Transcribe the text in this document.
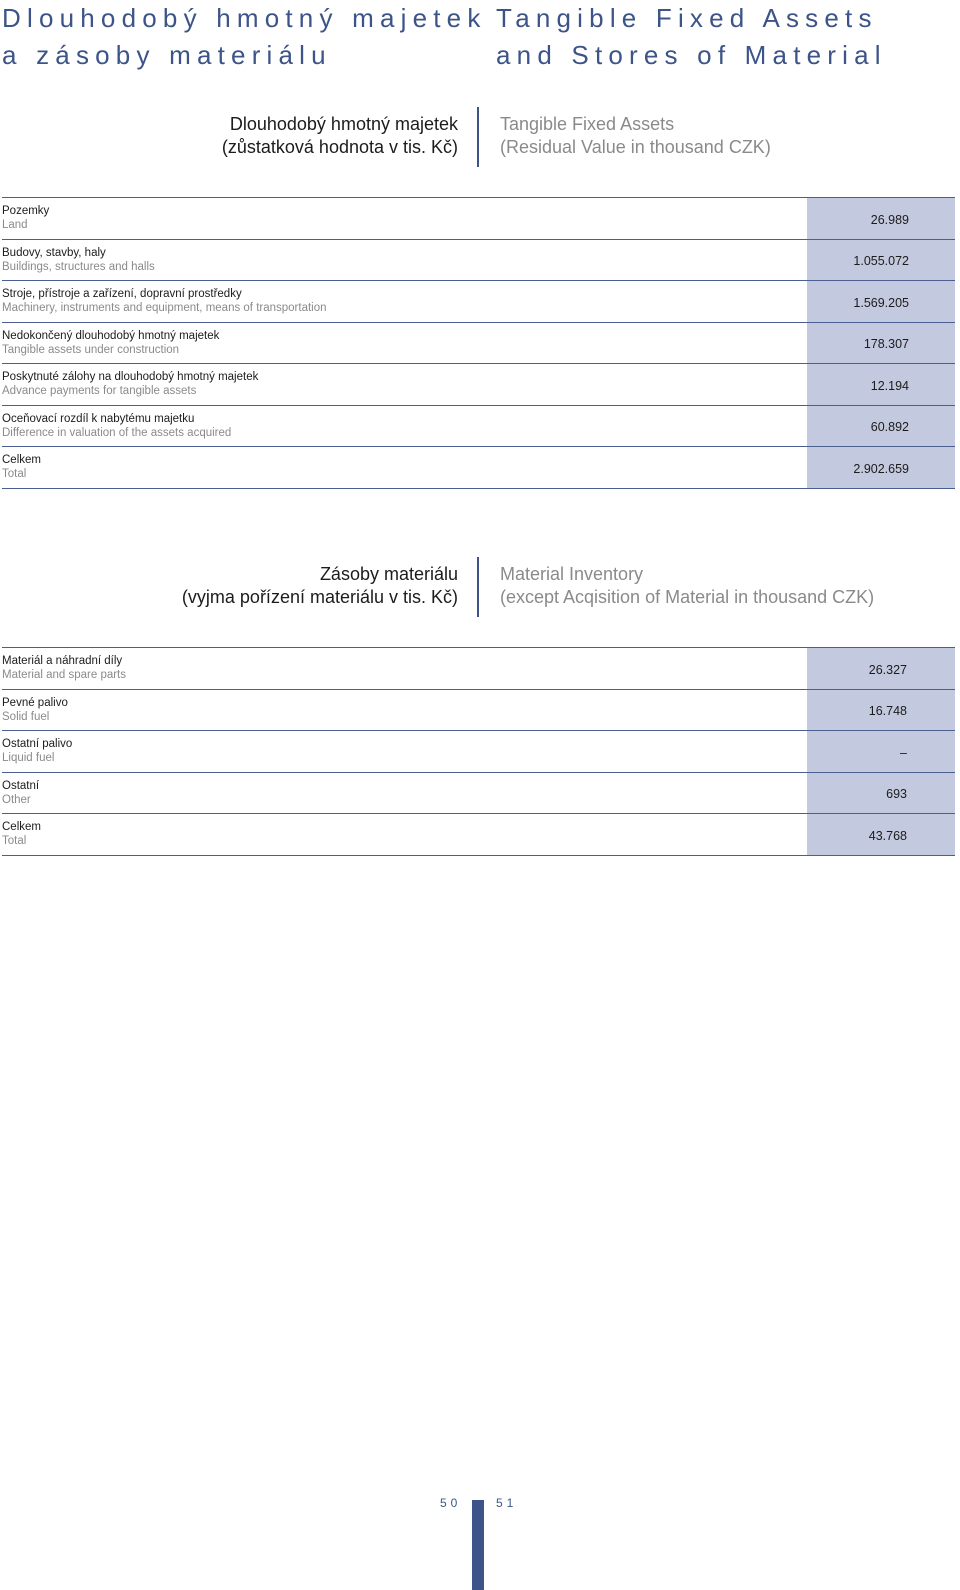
Dlouhodobý hmotný majetek
a zásoby materiálu
Tangible Fixed Assets
and Stores of Material
Dlouhodobý hmotný majetek
(zůstatková hodnota v tis. Kč)
Tangible Fixed Assets
(Residual Value in thousand CZK)
Pozemky
Land	26.989
Budovy, stavby, haly
Buildings, structures and halls	1.055.072
Stroje, přístroje a zařízení, dopravní prostředky
Machinery, instruments and equipment, means of transportation	1.569.205
Nedokončený dlouhodobý hmotný majetek
Tangible assets under construction	178.307
Poskytnuté zálohy na dlouhodobý hmotný majetek
Advance payments for tangible assets	12.194
Oceňovací rozdíl k nabytému majetku
Difference in valuation of the assets acquired	60.892
Celkem
Total	2.902.659
Zásoby materiálu
(vyjma pořízení materiálu v tis. Kč)
Material Inventory
(except Acqisition of Material in thousand CZK)
Materiál a náhradní díly
Material and spare parts	26.327
Pevné palivo
Solid fuel	16.748
Ostatní palivo
Liquid fuel	–
Ostatní
Other	693
Celkem
Total	43.768
50	51
